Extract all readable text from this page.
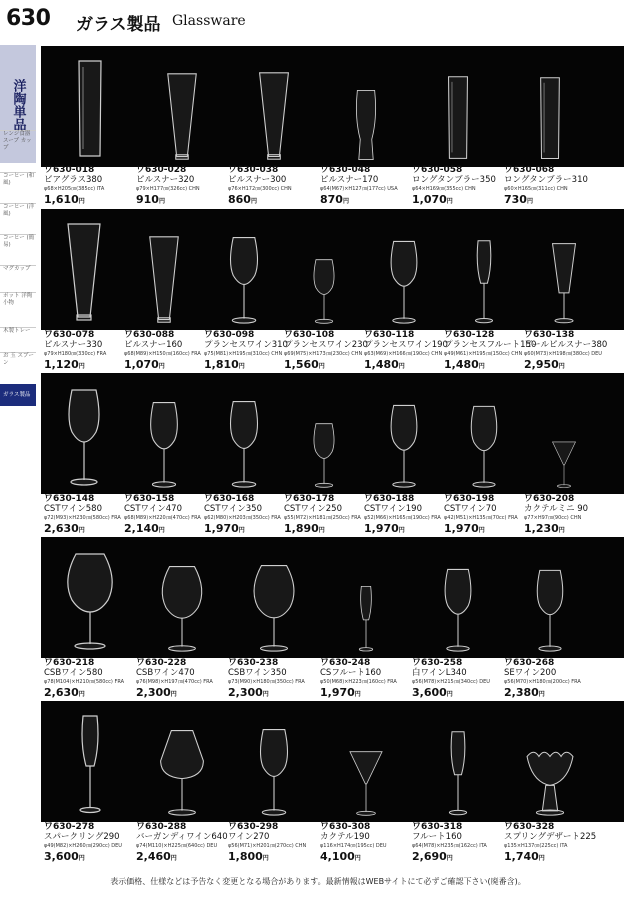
630 ガラス製品 Glassware
洋陶単品
レンジ食器 スープ カップ
コーヒー (和風)
コーヒー (洋風)
コーヒー (簡易)
マグカップ
ポット 洋陶小物
木製トレー
お 玉 スプーン
ガラス製品
ワ630-018
ビアグラス380
φ68×H205㎝(385cc) ITA
1,610円
ワ630-028
ピルスナー320
φ79×H177㎝(326cc) CHN
910円
ワ630-038
ピルスナー300
φ76×H172㎝(300cc) CHN
860円
ワ630-048
ピルスナー170
φ64(M67)×H127㎝(177cc) USA
870円
ワ630-058
ロングタンブラー350
φ64×H169㎝(355cc) CHN
1,070円
ワ630-068
ロングタンブラー310
φ60×H165㎝(311cc) CHN
730円
ワ630-078
ピルスナー330
φ79×H180㎝(330cc) FRA
1,120円
ワ630-088
ピルスナー160
φ68(M89)×H150㎝(160cc) FRA
1,070円
ワ630-098
プランセスワイン310
φ75(M81)×H195㎝(310cc) CHN
1,810円
ワ630-108
プランセスワイン230
φ69(M75)×H173㎝(230cc) CHN
1,560円
ワ630-118
プランセスワイン190
φ63(M69)×H166㎝(190cc) CHN
1,480円
ワ630-128
プランセスフルート150
φ49(M61)×H195㎝(150cc) CHN
1,480円
ワ630-138
ビールピルスナー380
φ60(M73)×H198㎝(380cc) DEU
2,950円
ワ630-148
CSTワイン580
φ72(M93)×H230㎝(580cc) FRA
2,630円
ワ630-158
CSTワイン470
φ68(M89)×H220㎝(470cc) FRA
2,140円
ワ630-168
CSTワイン350
φ62(M80)×H203㎝(350cc) FRA
1,970円
ワ630-178
CSTワイン250
φ55(M72)×H181㎝(250cc) FRA
1,890円
ワ630-188
CSTワイン190
φ52(M66)×H165㎝(190cc) FRA
1,970円
ワ630-198
CSTワイン70
φ42(M51)×H135㎝(70cc) FRA
1,970円
ワ630-208
カクテルミニ 90
φ77×H97㎝(90cc) CHN
1,230円
ワ630-218
CSBワイン580
φ78(M104)×H210㎝(580cc) FRA
2,630円
ワ630-228
CSBワイン470
φ76(M98)×H197㎝(470cc) FRA
2,300円
ワ630-238
CSBワイン350
φ73(M90)×H180㎝(350cc) FRA
2,300円
ワ630-248
CSフルート160
φ50(M68)×H223㎝(160cc) FRA
1,970円
ワ630-258
白ワインL340
φ56(M78)×H215㎝(340cc) DEU
3,600円
ワ630-268
SEワイン200
φ56(M70)×H180㎝(200cc) FRA
2,380円
ワ630-278
スパークリング290
φ49(M82)×H260㎝(290cc) DEU
3,600円
ワ630-288
バーガンディワイン640
φ74(M110)×H225㎝(640cc) DEU
2,460円
ワ630-298
ワイン270
φ56(M71)×H201㎝(270cc) CHN
1,800円
ワ630-308
カクテル190
φ116×H174㎝(195cc) DEU
4,100円
ワ630-318
フルート160
φ64(M78)×H235㎝(162cc) ITA
2,690円
ワ630-328
スプリングデザート225
φ135×H137㎝(225cc) ITA
1,740円
表示価格、仕様などは予告なく変更となる場合があります。最新情報はWEBサイトにて必ずご確認下さい(廃番含)。
